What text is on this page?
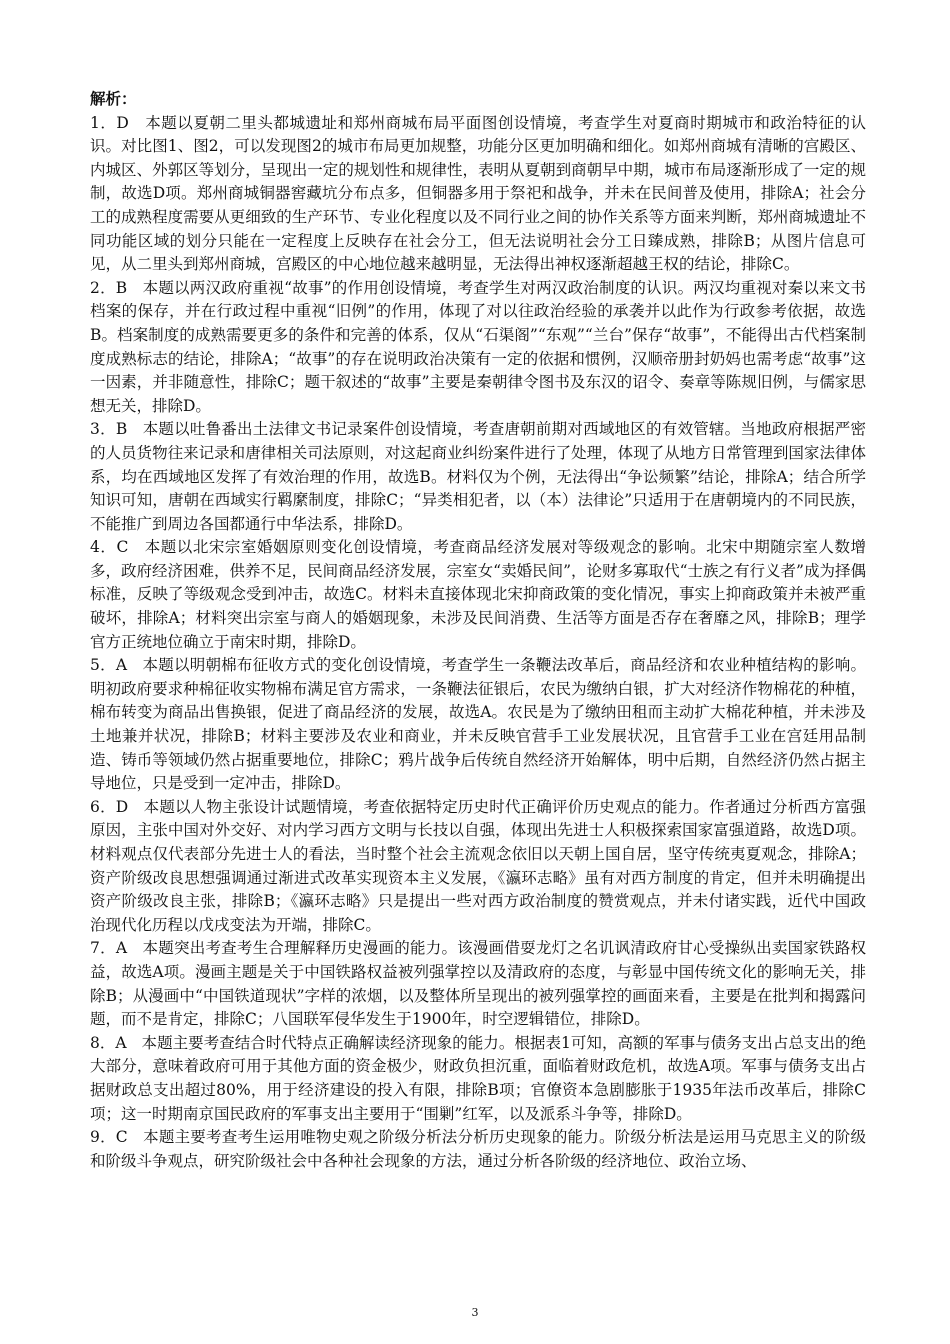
解析：

1．D 本题以夏朝二里头都城遗址和郑州商城布局平面图创设情境，考查学生对夏商时期城市和政治特征的认识。对比图1、图2，可以发现图2的城市布局更加规整，功能分区更加明确和细化。如郑州商城有清晰的宫殿区、内城区、外郭区等划分，呈现出一定的规划性和规律性，表明从夏朝到商朝早中期，城市布局逐渐形成了一定的规制，故选D项。郑州商城铜器窖藏坑分布点多，但铜器多用于祭祀和战争，并未在民间普及使用，排除A；社会分工的成熟程度需要从更细致的生产环节、专业化程度以及不同行业之间的协作关系等方面来判断，郑州商城遗址不同功能区域的划分只能在一定程度上反映存在社会分工，但无法说明社会分工日臻成熟，排除B；从图片信息可见，从二里头到郑州商城，宫殿区的中心地位越来越明显，无法得出神权逐渐超越王权的结论，排除C。

2．B 本题以两汉政府重视“故事”的作用创设情境，考查学生对两汉政治制度的认识。两汉均重视对秦以来文书档案的保存，并在行政过程中重视“旧例”的作用，体现了对以往政治经验的承袭并以此作为行政参考依据，故选B。档案制度的成熟需要更多的条件和完善的体系，仅从“石渠阁”“东观”“兰台”保存“故事”，不能得出古代档案制度成熟标志的结论，排除A；“故事”的存在说明政治决策有一定的依据和惯例，汉顺帝册封奶妈也需考虑“故事”这一因素，并非随意性，排除C；题干叙述的“故事”主要是秦朝律令图书及东汉的诏令、奏章等陈规旧例，与儒家思想无关，排除D。

3．B 本题以吐鲁番出土法律文书记录案件创设情境，考查唐朝前期对西域地区的有效管辖。当地政府根据严密的人员货物往来记录和唐律相关司法原则，对这起商业纠纷案件进行了处理，体现了从地方日常管理到国家法律体系，均在西域地区发挥了有效治理的作用，故选B。材料仅为个例，无法得出“争讼频繁”结论，排除A；结合所学知识可知，唐朝在西域实行羁縻制度，排除C；“异类相犯者，以（本）法律论”只适用于在唐朝境内的不同民族，不能推广到周边各国都通行中华法系，排除D。

4．C 本题以北宋宗室婚姻原则变化创设情境，考查商品经济发展对等级观念的影响。北宋中期随宗室人数增多，政府经济困难，供养不足，民间商品经济发展，宗室女“卖婚民间”，论财多寡取代“士族之有行义者”成为择偶标准，反映了等级观念受到冲击，故选C。材料未直接体现北宋抑商政策的变化情况，事实上抑商政策并未被严重破坏，排除A；材料突出宗室与商人的婚姻现象，未涉及民间消费、生活等方面是否存在奢靡之风，排除B；理学官方正统地位确立于南宋时期，排除D。

5．A 本题以明朝棉布征收方式的变化创设情境，考查学生一条鞭法改革后，商品经济和农业种植结构的影响。明初政府要求种棉征收实物棉布满足官方需求，一条鞭法征银后，农民为缴纳白银，扩大对经济作物棉花的种植，棉布转变为商品出售换银，促进了商品经济的发展，故选A。农民是为了缴纳田租而主动扩大棉花种植，并未涉及土地兼并状况，排除B；材料主要涉及农业和商业，并未反映官营手工业发展状况，且官营手工业在宫廷用品制造、铸币等领域仍然占据重要地位，排除C；鸦片战争后传统自然经济开始解体，明中后期，自然经济仍然占据主导地位，只是受到一定冲击，排除D。

6．D 本题以人物主张设计试题情境，考查依据特定历史时代正确评价历史观点的能力。作者通过分析西方富强原因，主张中国对外交好、对内学习西方文明与长技以自强，体现出先进士人积极探索国家富强道路，故选D项。材料观点仅代表部分先进士人的看法，当时整个社会主流观念依旧以天朝上国自居，坚守传统夷夏观念，排除A；资产阶级改良思想强调通过渐进式改革实现资本主义发展，《瀛环志略》虽有对西方制度的肯定，但并未明确提出资产阶级改良主张，排除B；《瀛环志略》只是提出一些对西方政治制度的赞赏观点，并未付诸实践，近代中国政治现代化历程以戊戌变法为开端，排除C。

7．A 本题突出考查考生合理解释历史漫画的能力。该漫画借耍龙灯之名讥讽清政府甘心受操纵出卖国家铁路权益，故选A项。漫画主题是关于中国铁路权益被列强掌控以及清政府的态度，与彰显中国传统文化的影响无关，排除B；从漫画中“中国铁道现状”字样的浓烟，以及整体所呈现出的被列强掌控的画面来看，主要是在批判和揭露问题，而不是肯定，排除C；八国联军侵华发生于1900年，时空逻辑错位，排除D。

8．A 本题主要考查结合时代特点正确解读经济现象的能力。根据表1可知，高额的军事与债务支出占总支出的绝大部分，意味着政府可用于其他方面的资金极少，财政负担沉重，面临着财政危机，故选A项。军事与债务支出占据财政总支出超过80%，用于经济建设的投入有限，排除B项；官僚资本急剧膨胀于1935年法币改革后，排除C项；这一时期南京国民政府的军事支出主要用于“围剿”红军，以及派系斗争等，排除D。

9．C 本题主要考查考生运用唯物史观之阶级分析法分析历史现象的能力。阶级分析法是运用马克思主义的阶级和阶级斗争观点，研究阶级社会中各种社会现象的方法，通过分析各阶级的经济地位、政治立场、

3
